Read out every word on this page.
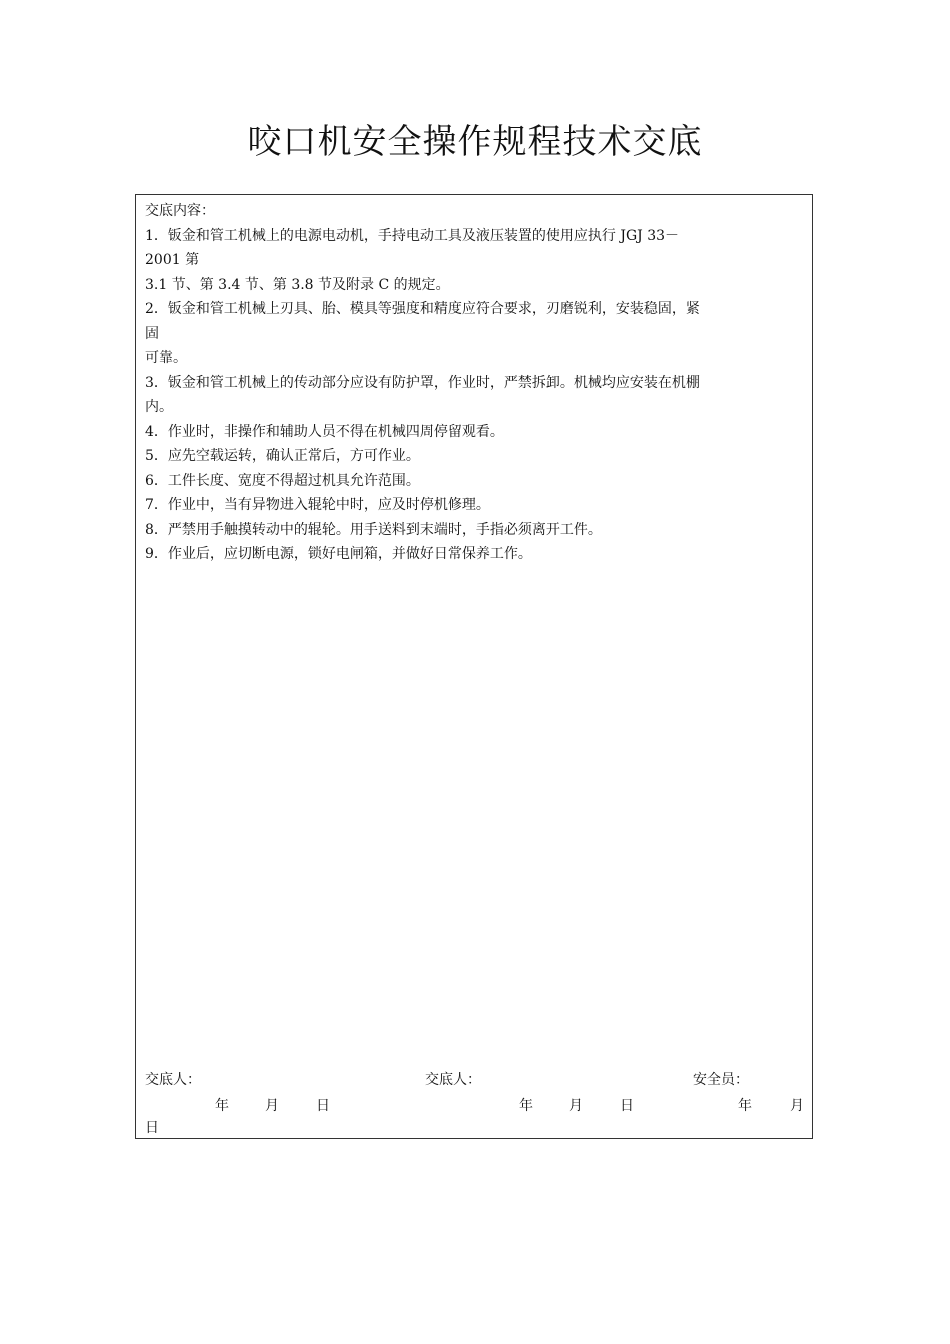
咬口机安全操作规程技术交底
交底内容：
1．钣金和管工机械上的电源电动机，手持电动工具及液压装置的使用应执行 JGJ 33－
2001 第
3.1 节、第 3.4 节、第 3.8 节及附录 C 的规定。
2．钣金和管工机械上刃具、胎、模具等强度和精度应符合要求，刃磨锐利，安装稳固，紧
固
可靠。
3．钣金和管工机械上的传动部分应设有防护罩，作业时，严禁拆卸。机械均应安装在机棚
内。
4．作业时，非操作和辅助人员不得在机械四周停留观看。
5．应先空载运转，确认正常后，方可作业。
6．工件长度、宽度不得超过机具允许范围。
7．作业中，当有异物进入辊轮中时，应及时停机修理。
8．严禁用手触摸转动中的辊轮。用手送料到末端时，手指必须离开工件。
9．作业后，应切断电源，锁好电闸箱，并做好日常保养工作。
交底人：	交底人：	安全员：
年	月	日	年	月	日	年	月
日
